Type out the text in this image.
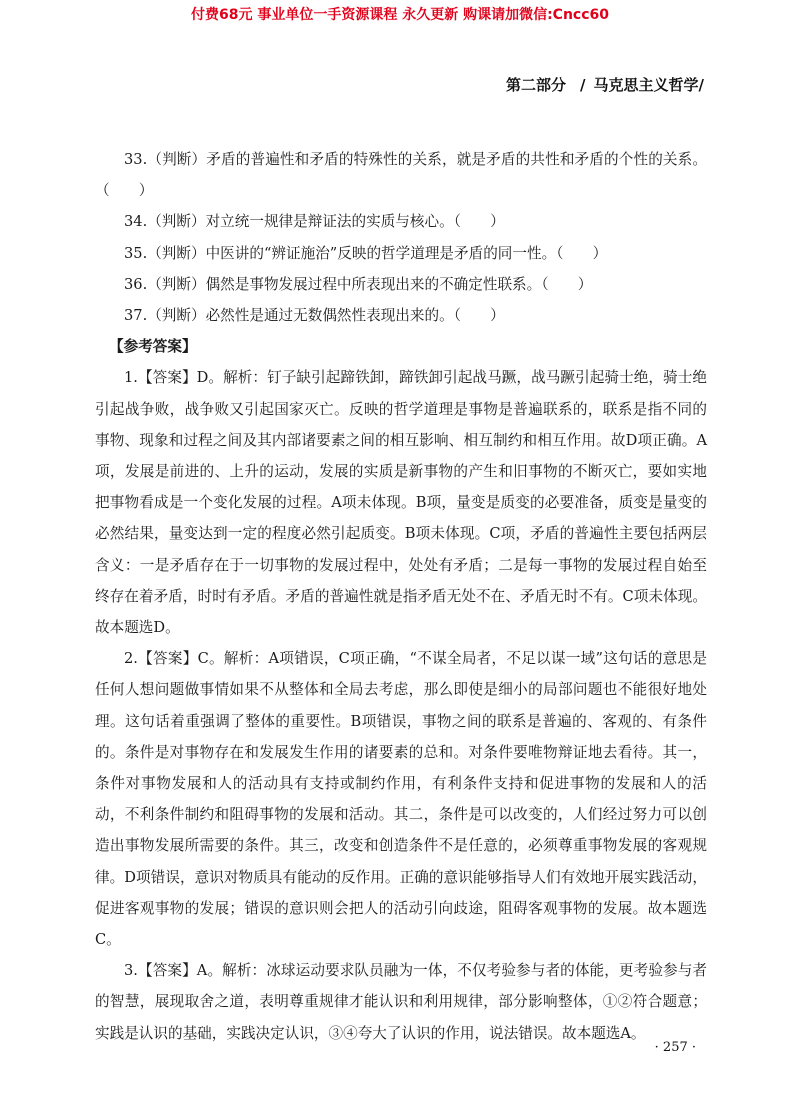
付费68元 事业单位一手资源课程 永久更新 购课请加微信:Cncc60
第二部分 / 马克思主义哲学/

33.（判断）矛盾的普遍性和矛盾的特殊性的关系，就是矛盾的共性和矛盾的个性的关系。（　　）

34.（判断）对立统一规律是辩证法的实质与核心。（　　）

35.（判断）中医讲的“辨证施治”反映的哲学道理是矛盾的同一性。（　　）

36.（判断）偶然是事物发展过程中所表现出来的不确定性联系。（　　）

37.（判断）必然性是通过无数偶然性表现出来的。（　　）

【参考答案】

1.【答案】D。解析：钉子缺引起蹄铁卸，蹄铁卸引起战马蹶，战马蹶引起骑士绝，骑士绝引起战争败，战争败又引起国家灭亡。反映的哲学道理是事物是普遍联系的，联系是指不同的事物、现象和过程之间及其内部诸要素之间的相互影响、相互制约和相互作用。故D项正确。A项，发展是前进的、上升的运动，发展的实质是新事物的产生和旧事物的不断灭亡，要如实地把事物看成是一个变化发展的过程。A项未体现。B项，量变是质变的必要准备，质变是量变的必然结果，量变达到一定的程度必然引起质变。B项未体现。C项，矛盾的普遍性主要包括两层含义：一是矛盾存在于一切事物的发展过程中，处处有矛盾；二是每一事物的发展过程自始至终存在着矛盾，时时有矛盾。矛盾的普遍性就是指矛盾无处不在、矛盾无时不有。C项未体现。故本题选D。

2.【答案】C。解析：A项错误，C项正确，“不谋全局者，不足以谋一域”这句话的意思是任何人想问题做事情如果不从整体和全局去考虑，那么即使是细小的局部问题也不能很好地处理。这句话着重强调了整体的重要性。B项错误，事物之间的联系是普遍的、客观的、有条件的。条件是对事物存在和发展发生作用的诸要素的总和。对条件要唯物辩证地去看待。其一，条件对事物发展和人的活动具有支持或制约作用，有利条件支持和促进事物的发展和人的活动，不利条件制约和阻碍事物的发展和活动。其二，条件是可以改变的，人们经过努力可以创造出事物发展所需要的条件。其三，改变和创造条件不是任意的，必须尊重事物发展的客观规律。D项错误，意识对物质具有能动的反作用。正确的意识能够指导人们有效地开展实践活动，促进客观事物的发展；错误的意识则会把人的活动引向歧途，阻碍客观事物的发展。故本题选C。

3.【答案】A。解析：冰球运动要求队员融为一体，不仅考验参与者的体能，更考验参与者的智慧，展现取舍之道，表明尊重规律才能认识和利用规律，部分影响整体，①②符合题意；实践是认识的基础，实践决定认识，③④夸大了认识的作用，说法错误。故本题选A。

· 257 ·
